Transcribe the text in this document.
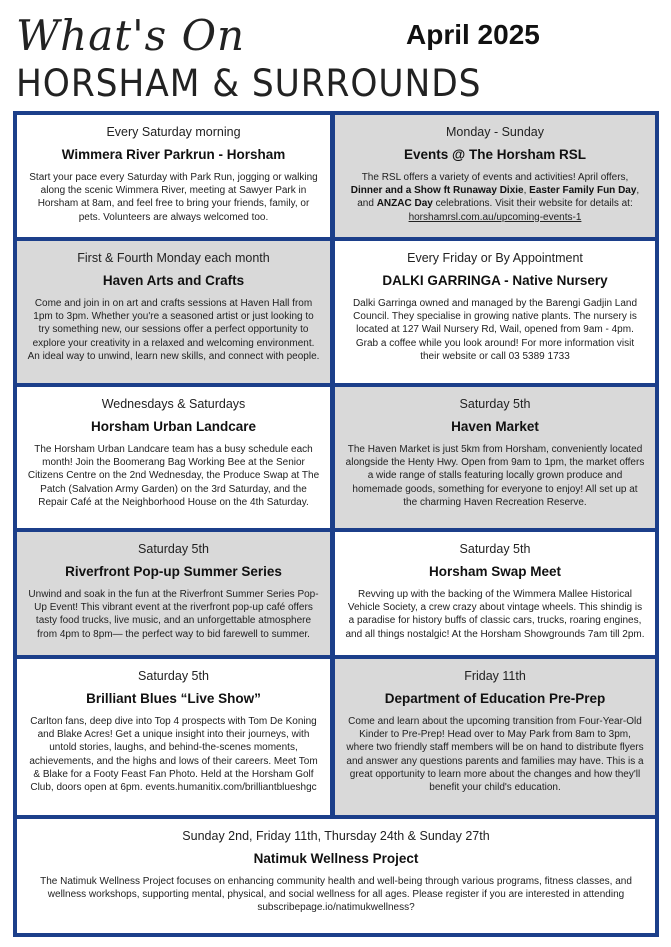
What's On	April 2025
HORSHAM & SURROUNDS
Every Saturday morning
Wimmera River Parkrun - Horsham
Start your pace every Saturday with Park Run, jogging or walking along the scenic Wimmera River, meeting at Sawyer Park in Horsham at 8am, and feel free to bring your friends, family, or pets. Volunteers are always welcomed too.
Monday - Sunday
Events @ The Horsham RSL
The RSL offers a variety of events and activities! April offers, Dinner and a Show ft Runaway Dixie, Easter Family Fun Day, and ANZAC Day celebrations. Visit their website for details at: horshamrsl.com.au/upcoming-events-1
First & Fourth Monday each month
Haven Arts and Crafts
Come and join in on art and crafts sessions at Haven Hall from 1pm to 3pm. Whether you're a seasoned artist or just looking to try something new, our sessions offer a perfect opportunity to explore your creativity in a relaxed and welcoming environment. An ideal way to unwind, learn new skills, and connect with people.
Every Friday or By Appointment
DALKI GARRINGA - Native Nursery
Dalki Garringa owned and managed by the Barengi Gadjin Land Council. They specialise in growing native plants. The nursery is located at 127 Wail Nursery Rd, Wail, opened from 9am - 4pm. Grab a coffee while you look around! For more information visit their website or call 03 5389 1733
Wednesdays & Saturdays
Horsham Urban Landcare
The Horsham Urban Landcare team has a busy schedule each month! Join the Boomerang Bag Working Bee at the Senior Citizens Centre on the 2nd Wednesday, the Produce Swap at The Patch (Salvation Army Garden) on the 3rd Saturday, and the Repair Café at the Neighborhood House on the 4th Saturday.
Saturday 5th
Haven Market
The Haven Market is just 5km from Horsham, conveniently located alongside the Henty Hwy. Open from 9am to 1pm, the market offers a wide range of stalls featuring locally grown produce and homemade goods, something for everyone to enjoy! All set up at the charming Haven Recreation Reserve.
Saturday 5th
Riverfront Pop-up Summer Series
Unwind and soak in the fun at the Riverfront Summer Series Pop-Up Event! This vibrant event at the riverfront pop-up café offers tasty food trucks, live music, and an unforgettable atmosphere from 4pm to 8pm— the perfect way to bid farewell to summer.
Saturday 5th
Horsham Swap Meet
Revving up with the backing of the Wimmera Mallee Historical Vehicle Society, a crew crazy about vintage wheels. This shindig is a paradise for history buffs of classic cars, trucks, roaring engines, and all things nostalgic! At the Horsham Showgrounds 7am till 2pm.
Saturday 5th
Brilliant Blues “Live Show”
Carlton fans, deep dive into Top 4 prospects with Tom De Koning and Blake Acres! Get a unique insight into their journeys, with untold stories, laughs, and behind-the-scenes moments, achievements, and the highs and lows of their careers. Meet Tom & Blake for a Footy Feast Fan Photo. Held at the Horsham Golf Club, doors open at 6pm. events.humanitix.com/brilliantblueshgc
Friday 11th
Department of Education Pre-Prep
Come and learn about the upcoming transition from Four-Year-Old Kinder to Pre-Prep! Head over to May Park from 8am to 3pm, where two friendly staff members will be on hand to distribute flyers and answer any questions parents and families may have. This is a great opportunity to learn more about the changes and how they'll benefit your child's education.
Sunday 2nd, Friday 11th, Thursday 24th & Sunday 27th
Natimuk Wellness Project
The Natimuk Wellness Project focuses on enhancing community health and well-being through various programs, fitness classes, and wellness workshops, supporting mental, physical, and social wellness for all ages. Please register if you are interested in attending subscribepage.io/natimukwellness?
